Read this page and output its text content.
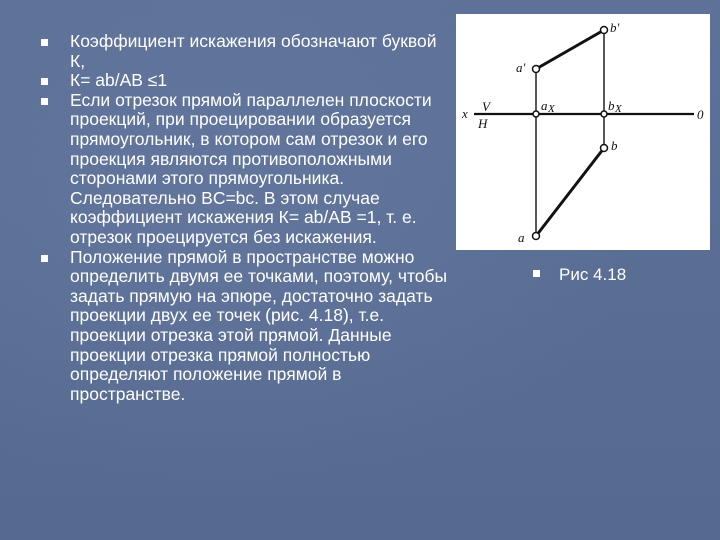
Коэффициент искажения обозначают буквой К,
К= ab/AB ≤1
Если отрезок прямой параллелен плоскости проекций, при проецировании образуется прямоугольник, в котором сам отрезок и его проекция являются противоположными сторонами этого прямоугольника. Следовательно BC=bc. В этом случае коэффициент искажения К= ab/AB =1, т. е. отрезок проецируется без искажения.
Положение прямой в пространстве можно определить двумя ее точками, поэтому, чтобы задать прямую на эпюре, достаточно задать проекции двух ее точек (рис. 4.18), т.е. проекции отрезка этой прямой. Данные проекции отрезка прямой полностью определяют положение прямой в пространстве.
b'
a'
x V
H
a X	b X	0
b
a
Рис 4.18
